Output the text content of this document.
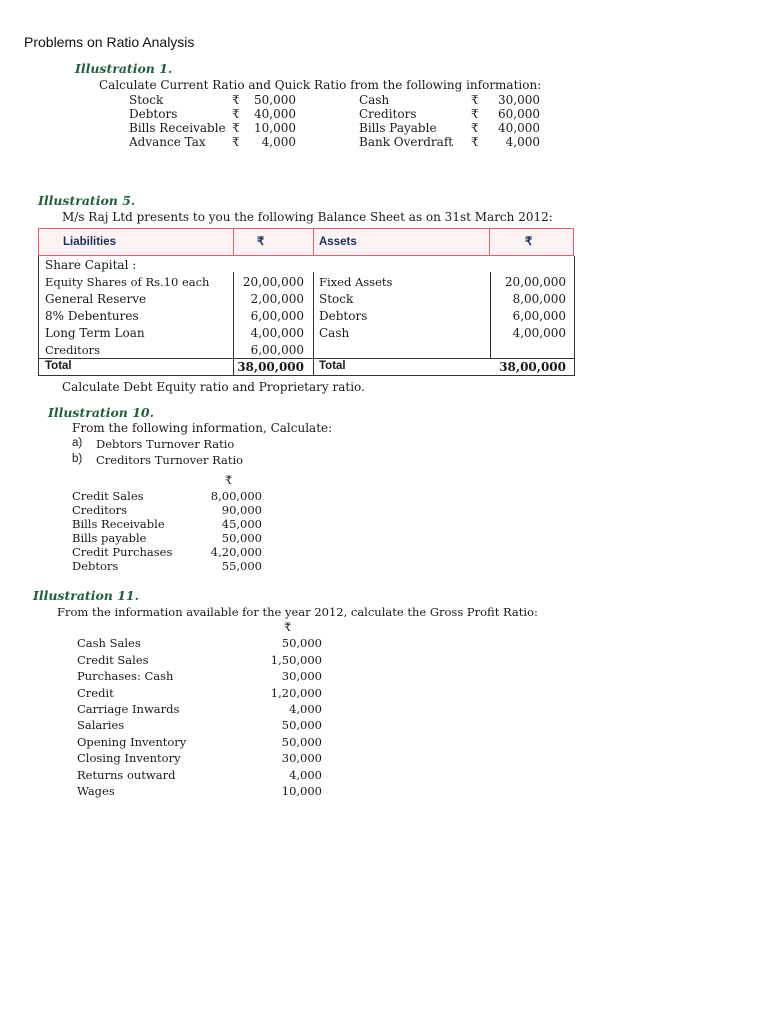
Problems on Ratio Analysis
Illustration 1.
Calculate Current Ratio and Quick Ratio from the following information:
Stock	₹	50,000	Cash	₹	30,000
Debtors	₹	40,000	Creditors	₹	60,000
Bills Receivable ₹	10,000	Bills Payable	₹	40,000
Advance Tax ₹	4,000	Bank Overdraft ₹	4,000
Illustration 5.
M/s Raj Ltd presents to you the following Balance Sheet as on 31st March 2012:
Liabilities	₹	Assets	₹
Share Capital :
Equity Shares of Rs.10 each	20,00,000 Fixed Assets	20,00,000
General Reserve	2,00,000 Stock	8,00,000
8% Debentures	6,00,000 Debtors	6,00,000
Long Term Loan	4,00,000 Cash	4,00,000
Creditors	6,00,000
Total	38,00,000 Total	38,00,000
Calculate Debt Equity ratio and Proprietary ratio.
Illustration 10.
From the following information, Calculate:
a) Debtors Turnover Ratio
b) Creditors Turnover Ratio
₹
Credit Sales	8,00,000
Creditors	90,000
Bills Receivable	45,000
Bills payable	50,000
Credit Purchases	4,20,000
Debtors	55,000
Illustration 11.
From the information available for the year 2012, calculate the Gross Profit Ratio:
₹
Cash Sales	50,000
Credit Sales	1,50,000
Purchases: Cash	30,000
Credit	1,20,000
Carriage Inwards	4,000
Salaries	50,000
Opening Inventory	50,000
Closing Inventory	30,000
Returns outward	4,000
Wages	10,000
